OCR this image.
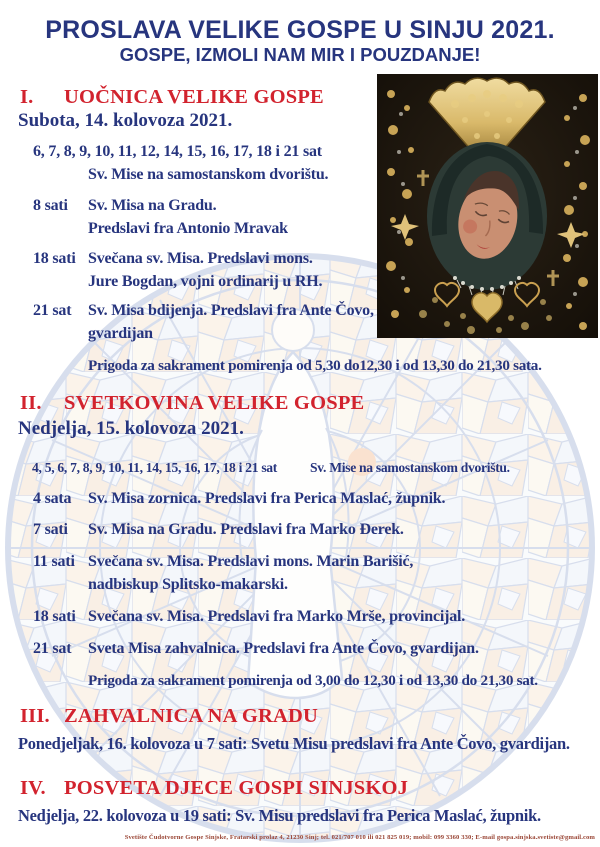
PROSLAVA VELIKE GOSPE U SINJU 2021.
GOSPE, IZMOLI NAM MIR I POUZDANJE!
I. UOČNICA VELIKE GOSPE
Subota, 14. kolovoza 2021.
6, 7, 8, 9, 10, 11, 12, 14, 15, 16, 17, 18 i 21 sat
Sv. Mise na samostanskom dvorištu.
8 sati Sv. Misa na Gradu.
Predslavi fra Antonio Mravak
18 sati Svečana sv. Misa. Predslavi mons.
Jure Bogdan, vojni ordinarij u RH.
21 sat Sv. Misa bdijenja. Predslavi fra Ante Čovo,
gvardijan
Prigoda za sakrament pomirenja od 5,30 do12,30 i od 13,30 do 21,30 sata.
II. SVETKOVINA VELIKE GOSPE
Nedjelja, 15. kolovoza 2021.
4, 5, 6, 7, 8, 9, 10, 11, 14, 15, 16, 17, 18 i 21 sat Sv. Mise na samostanskom dvorištu.
4 sata Sv. Misa zornica. Predslavi fra Perica Maslać, župnik.
7 sati Sv. Misa na Gradu. Predslavi fra Marko Đerek.
11 sati Svečana sv. Misa. Predslavi mons. Marin Barišić,
nadbiskup Splitsko-makarski.
18 sati Svečana sv. Misa. Predslavi fra Marko Mrše, provincijal.
21 sat Sveta Misa zahvalnica. Predslavi fra Ante Čovo, gvardijan.
Prigoda za sakrament pomirenja od 3,00 do 12,30 i od 13,30 do 21,30 sat.
III. ZAHVALNICA NA GRADU
Ponedjeljak, 16. kolovoza u 7 sati: Svetu Misu predslavi fra Ante Čovo, gvardijan.
IV. POSVETA DJECE GOSPI SINJSKOJ
Nedjelja, 22. kolovoza u 19 sati: Sv. Misu predslavi fra Perica Maslać, župnik.
Svetište Čudotvorne Gospe Sinjske, Fratarski prolaz 4, 21230 Sinj; tel. 021/707 010 ili 021 825 019; mobil: 099 3360 330; E-mail gospa.sinjska.svetiste@gmail.com
